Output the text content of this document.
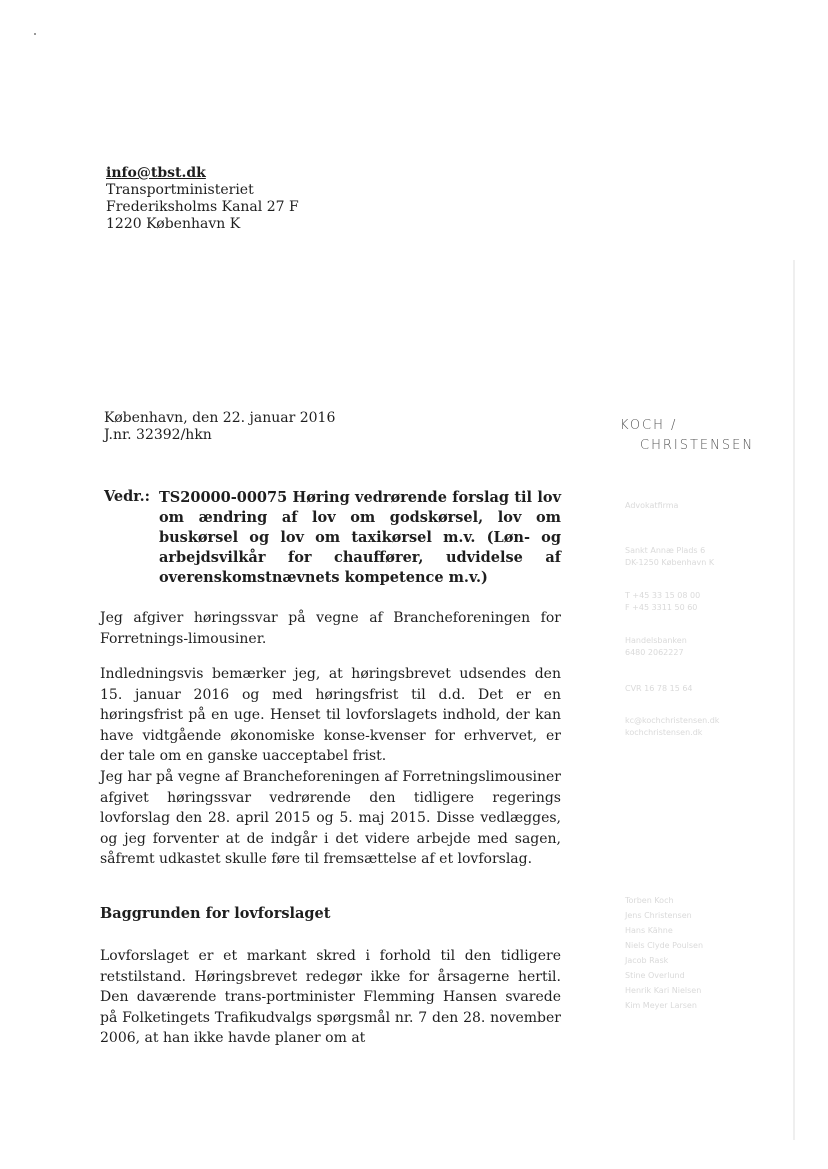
info@tbst.dk
Transportministeriet
Frederiksholms Kanal 27 F
1220 København K
København, den 22. januar 2016
J.nr. 32392/hkn
KOCH /
CHRISTENSEN
Vedr.: TS20000-00075 Høring vedrørende forslag til lov om ændring af lov om godskørsel, lov om buskørsel og lov om taxikørsel m.v. (Løn- og arbejdsvilkår for chauffører, udvidelse af overenskomstnævnets kompetence m.v.)
Jeg afgiver høringssvar på vegne af Brancheforeningen for Forretnings-limousiner.
Indledningsvis bemærker jeg, at høringsbrevet udsendes den 15. januar 2016 og med høringsfrist til d.d. Det er en høringsfrist på en uge. Henset til lovforslagets indhold, der kan have vidtgående økonomiske konse-kvenser for erhvervet, er der tale om en ganske uacceptabel frist.
Jeg har på vegne af Brancheforeningen af Forretningslimousiner afgivet høringssvar vedrørende den tidligere regerings lovforslag den 28. april 2015 og 5. maj 2015. Disse vedlægges, og jeg forventer at de indgår i det videre arbejde med sagen, såfremt udkastet skulle føre til fremsættelse af et lovforslag.
Baggrunden for lovforslaget
Lovforslaget er et markant skred i forhold til den tidligere retstilstand. Høringsbrevet redegør ikke for årsagerne hertil. Den daværende trans-portminister Flemming Hansen svarede på Folketingets Trafikudvalgs spørgsmål nr. 7 den 28. november 2006, at han ikke havde planer om at
Advokatfirma
Sankt Annæ Plads 6
DK-1250 København K
T +45 33 15 08 00
F +45 3311 50 60
Handelsbanken
6480 2062227
CVR 16 78 15 64
kc@kochchristensen.dk
kochchristensen.dk
Torben Koch
Jens Christensen
Hans Kähne
Niels Clyde Poulsen
Jacob Rask
Stine Overlund
Henrik Kari Nielsen
Kim Meyer Larsen
